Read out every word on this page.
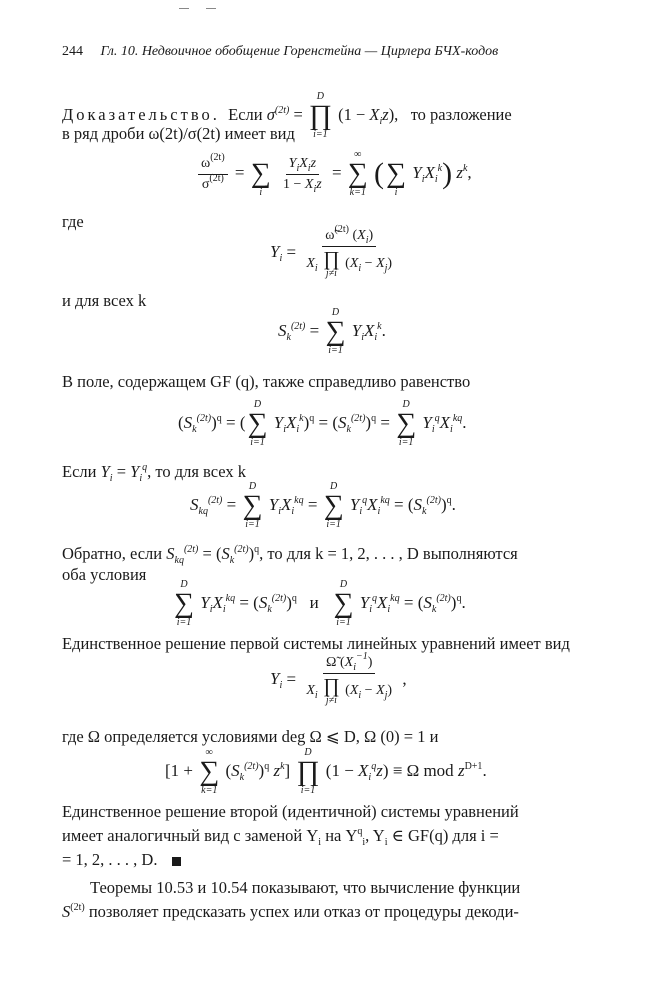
244 Гл. 10. Недвоичное обобщение Горенстейна — Цирлера БЧХ-кодов
Доказательство. Если $\sigma^{(2t)}$ =
D
∏
i=1
$(1 - X_iz)$,   то разложение
в ряд дроби ω(2t)/σ(2t) имеет вид
$\frac{\omega^{(2t)}}{\sigma^{(2t)}}$ =
∑
i
$\frac{Y_iX_iz}{1 - X_iz}$ =
∞
∑
k=1
(
∑
i
$Y_iX_i^k$) $z^k$,
где
$Y_i$ = ω̃$^{(2t)}$ $(X_i)$
$X_i$ ∏
j≠i
$(X_i - X_j)$
и для всех k
$S_k^{(2t)}$ =
D
∑
i=1
$Y_iX_i^k$.
В поле, содержащем GF (q), также справедливо равенство
$(S_k^{(2t)})^q$ = (
D
∑
i=1
$Y_iX_i^k)^q = (S_k^{(2t)})^q$ =
D
∑
i=1
$Y_i^qX_i^{kq}$.
Если $Y_i = Y_i^q$, то для всех k
$S_{kq}^{(2t)}$ =
D
∑
i=1
$Y_iX_i^{kq}$ =
D
∑
i=1
$Y_i^qX_i^{kq} = (S_k^{(2t)})^q$.
Обратно, если $S_{kq}^{(2t)} = (S_k^{(2t)})^q$, то для k = 1, 2, . . . , D выполняются
оба условия
D
∑
i=1
$Y_iX_i^{kq} = (S_k^{(2t)})^q$ и
D
∑
i=1
$Y_i^qX_i^{kq} = (S_k^{(2t)})^q$.
Единственное решение первой системы линейных уравнений имеет вид
$Y_i$ = Ω̃ $(X_i^{-1})$
$X_i$ ∏
j≠i
$(X_i - X_j)$ ,
где Ω определяется условиями deg Ω ⩽ D, Ω (0) = 1 и
[1 +
∞
∑
k=1
$(S_k^{(2t)})^q$ $z^k$]
D
∏
i=1
$(1 - X_i^qz) \equiv \Omega$ mod $z^{D+1}$.
Единственное решение второй (идентичной) системы уравнений
имеет аналогичный вид с заменой $Y_i$ на $Y^q_i$, $Y_i$ ∈ GF(q) для i =
= 1, 2, . . . , D.
Теоремы 10.53 и 10.54 показывают, что вычисление функции
$S^{(2t)}$ позволяет предсказать успех или отказ от процедуры декоди-
